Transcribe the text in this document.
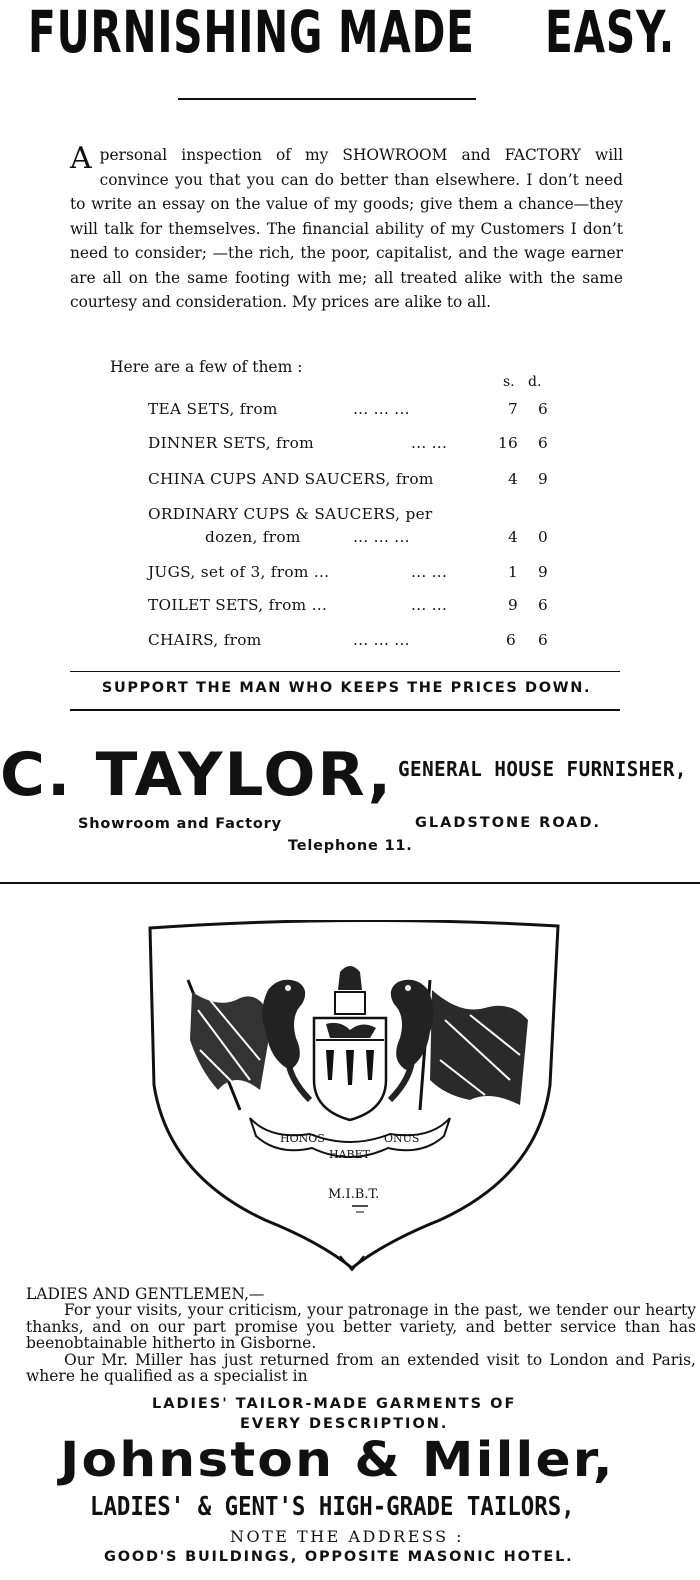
FURNISHING MADE EASY.
A personal inspection of my SHOWROOM and FACTORY will convince you that you can do better than elsewhere. I don’t need to write an essay on the value of my goods; give them a chance—they will talk for themselves. The financial ability of my Customers I don’t need to consider; —the rich, the poor, capitalist, and the wage earner are all on the same footing with me; all treated alike with the same courtesy and consideration. My prices are alike to all.

Here are a few of them :
s. d.
TEA SETS, from	... ... ...	7 6
DINNER SETS, from	... ...	16 6
CHINA CUPS AND SAUCERS, from	4 9
ORDINARY CUPS & SAUCERS, per
dozen, from	... ... ...	4 0
JUGS, set of 3, from ...	... ...	1 9
TOILET SETS, from ...	... ...	9 6
CHAIRS, from	... ... ...	6 6
SUPPORT THE MAN WHO KEEPS THE PRICES DOWN.
C. TAYLOR, GENERAL HOUSE FURNISHER,
Showroom and Factory	GLADSTONE ROAD.
Telephone 11.
HONOS
HABET
ONUS
M.I.B.T.
LADIES AND GENTLEMEN,—

For your visits, your criticism, your patronage in the past, we tender our hearty thanks, and on our part promise you better variety, and better service than has beenobtainable hitherto in Gisborne.

Our Mr. Miller has just returned from an extended visit to London and Paris, where he qualified as a specialist in

LADIES' TAILOR-MADE GARMENTS OF
EVERY DESCRIPTION.
Johnston & Miller,
LADIES' & GENT'S HIGH-GRADE TAILORS,
NOTE THE ADDRESS :
GOOD'S BUILDINGS, OPPOSITE MASONIC HOTEL.
